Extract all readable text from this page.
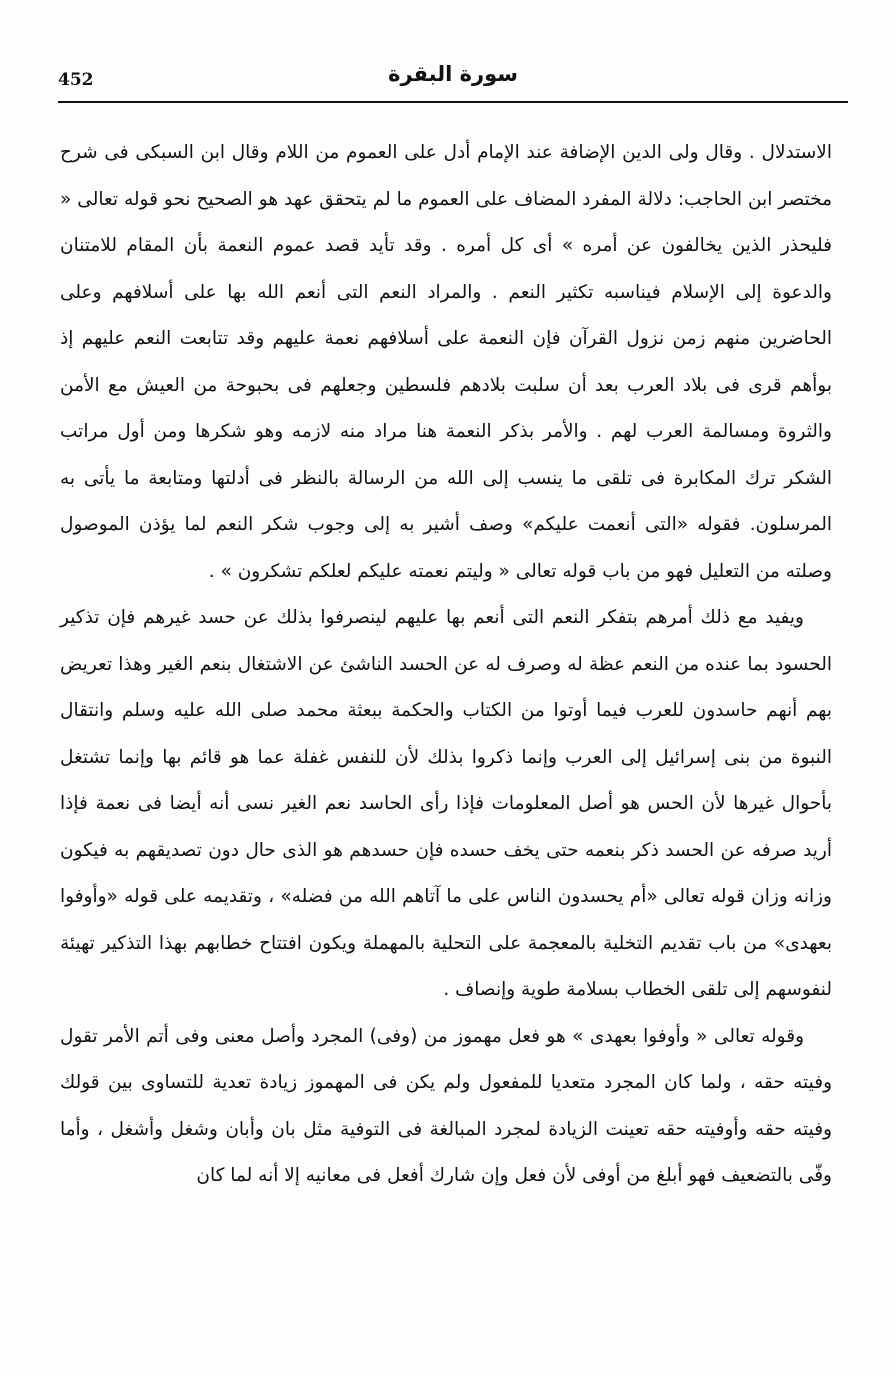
452	سورة البقرة

الاستدلال . وقال ولى الدين الإضافة عند الإمام أدل على العموم من اللام وقال ابن السبكى فى شرح مختصر ابن الحاجب: دلالة المفرد المضاف على العموم ما لم يتحقق عهد هو الصحيح نحو قوله تعالى « فليحذر الذين يخالفون عن أمره » أى كل أمره . وقد تأيد قصد عموم النعمة بأن المقام للامتنان والدعوة إلى الإسلام فيناسبه تكثير النعم . والمراد النعم التى أنعم الله بها على أسلافهم وعلى الحاضرين منهم زمن نزول القرآن فإن النعمة على أسلافهم نعمة عليهم وقد تتابعت النعم عليهم إذ بوأهم قرى فى بلاد العرب بعد أن سلبت بلادهم فلسطين وجعلهم فى بحبوحة من العيش مع الأمن والثروة ومسالمة العرب لهم . والأمر بذكر النعمة هنا مراد منه لازمه وهو شكرها ومن أول مراتب الشكر ترك المكابرة فى تلقى ما ينسب إلى الله من الرسالة بالنظر فى أدلتها ومتابعة ما يأتى به المرسلون. فقوله «التى أنعمت عليكم» وصف أشير به إلى وجوب شكر النعم لما يؤذن الموصول وصلته من التعليل فهو من باب قوله تعالى « وليتم نعمته عليكم لعلكم تشكرون » .

ويفيد مع ذلك أمرهم بتفكر النعم التى أنعم بها عليهم لينصرفوا بذلك عن حسد غيرهم فإن تذكير الحسود بما عنده من النعم عظة له وصرف له عن الحسد الناشئ عن الاشتغال بنعم الغير وهذا تعريض بهم أنهم حاسدون للعرب فيما أوتوا من الكتاب والحكمة ببعثة محمد صلى الله عليه وسلم وانتقال النبوة من بنى إسرائيل إلى العرب وإنما ذكروا بذلك لأن للنفس غفلة عما هو قائم بها وإنما تشتغل بأحوال غيرها لأن الحس هو أصل المعلومات فإذا رأى الحاسد نعم الغير نسى أنه أيضا فى نعمة فإذا أريد صرفه عن الحسد ذكر بنعمه حتى يخف حسده فإن حسدهم هو الذى حال دون تصديقهم به فيكون وزانه وزان قوله تعالى «أم يحسدون الناس على ما آتاهم الله من فضله» ، وتقديمه على قوله «وأوفوا بعهدى» من باب تقديم التخلية بالمعجمة على التحلية بالمهملة ويكون افتتاح خطابهم بهذا التذكير تهيئة لنفوسهم إلى تلقى الخطاب بسلامة طوية وإنصاف .

وقوله تعالى « وأوفوا بعهدى » هو فعل مهموز من (وفى) المجرد وأصل معنى وفى أتم الأمر تقول وفيته حقه ، ولما كان المجرد متعديا للمفعول ولم يكن فى المهموز زيادة تعدية للتساوى بين قولك وفيته حقه وأوفيته حقه تعينت الزيادة لمجرد المبالغة فى التوفية مثل بان وأبان وشغل وأشغل ، وأما وفّى بالتضعيف فهو أبلغ من أوفى لأن فعل وإن شارك أفعل فى معانيه إلا أنه لما كان
